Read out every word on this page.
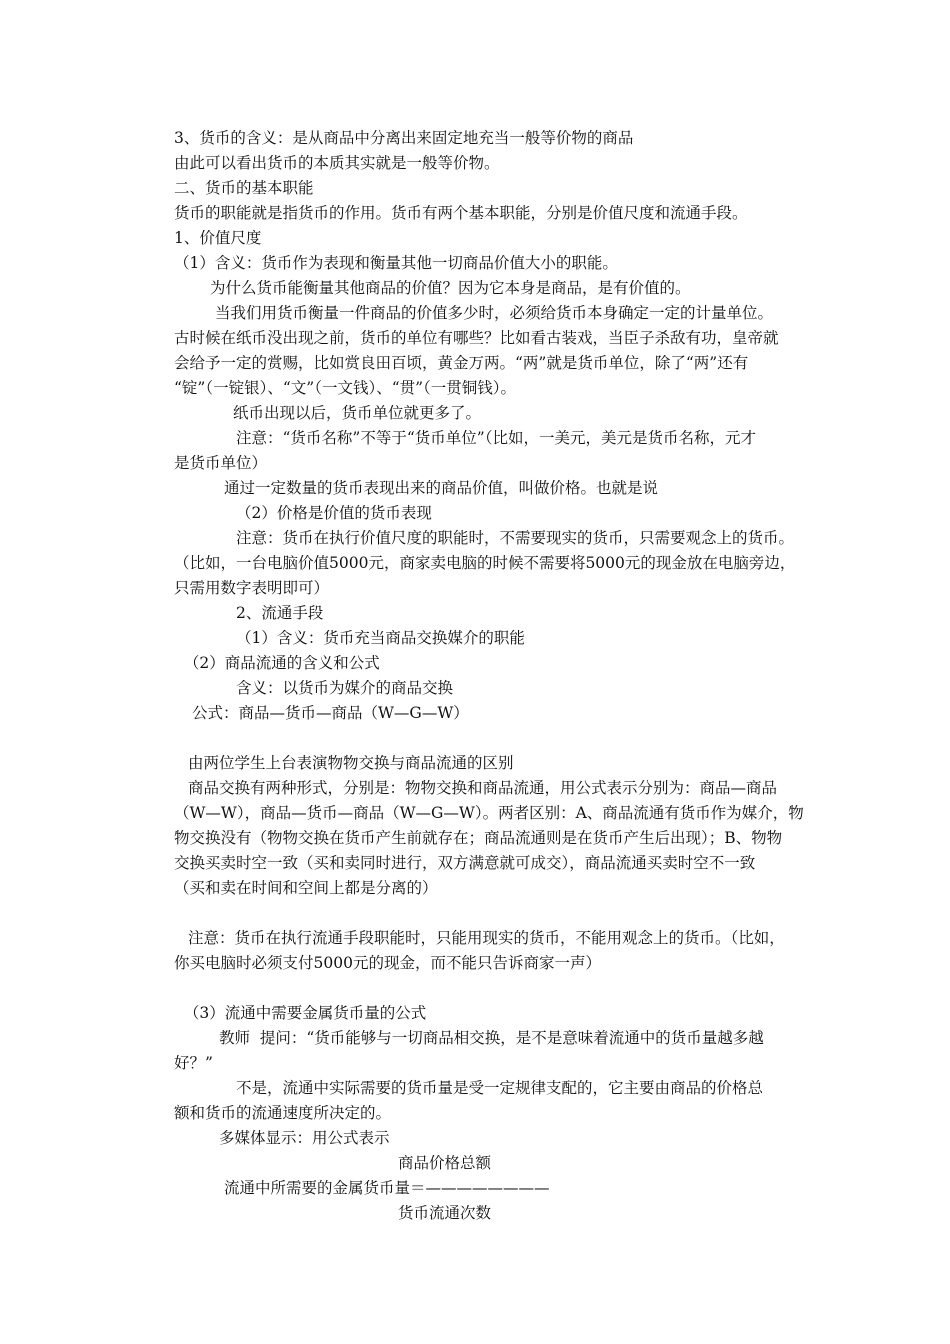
3、货币的含义：是从商品中分离出来固定地充当一般等价物的商品
由此可以看出货币的本质其实就是一般等价物。
二、货币的基本职能
货币的职能就是指货币的作用。货币有两个基本职能，分别是价值尺度和流通手段。
1、价值尺度
（1）含义：货币作为表现和衡量其他一切商品价值大小的职能。
为什么货币能衡量其他商品的价值？因为它本身是商品，是有价值的。
当我们用货币衡量一件商品的价值多少时，必须给货币本身确定一定的计量单位。
古时候在纸币没出现之前，货币的单位有哪些？比如看古装戏，当臣子杀敌有功，皇帝就
会给予一定的赏赐，比如赏良田百顷，黄金万两。“两”就是货币单位，除了“两”还有
“锭”（一锭银）、“文”（一文钱）、“贯”（一贯铜钱）。
纸币出现以后，货币单位就更多了。
注意：“货币名称”不等于“货币单位”（比如，一美元，美元是货币名称，元才
是货币单位）
通过一定数量的货币表现出来的商品价值，叫做价格。也就是说
（2）价格是价值的货币表现
注意：货币在执行价值尺度的职能时，不需要现实的货币，只需要观念上的货币。
（比如，一台电脑价值5000元，商家卖电脑的时候不需要将5000元的现金放在电脑旁边，
只需用数字表明即可）
2、流通手段
（1）含义：货币充当商品交换媒介的职能
（2）商品流通的含义和公式
含义：以货币为媒介的商品交换
公式：商品—货币—商品（W—G—W）
由两位学生上台表演物物交换与商品流通的区别
商品交换有两种形式，分别是：物物交换和商品流通，用公式表示分别为：商品—商品
（W—W），商品—货币—商品（W—G—W）。两者区别：A、商品流通有货币作为媒介，物
物交换没有（物物交换在货币产生前就存在；商品流通则是在货币产生后出现）；B、物物
交换买卖时空一致（买和卖同时进行，双方满意就可成交），商品流通买卖时空不一致
（买和卖在时间和空间上都是分离的）
注意：货币在执行流通手段职能时，只能用现实的货币，不能用观念上的货币。（比如，
你买电脑时必须支付5000元的现金，而不能只告诉商家一声）
（3）流通中需要金属货币量的公式
教师  提问：“货币能够与一切商品相交换，是不是意味着流通中的货币量越多越
好？”
不是，流通中实际需要的货币量是受一定规律支配的，它主要由商品的价格总
额和货币的流通速度所决定的。
多媒体显示：用公式表示
商品价格总额
流通中所需要的金属货币量＝————————
货币流通次数
